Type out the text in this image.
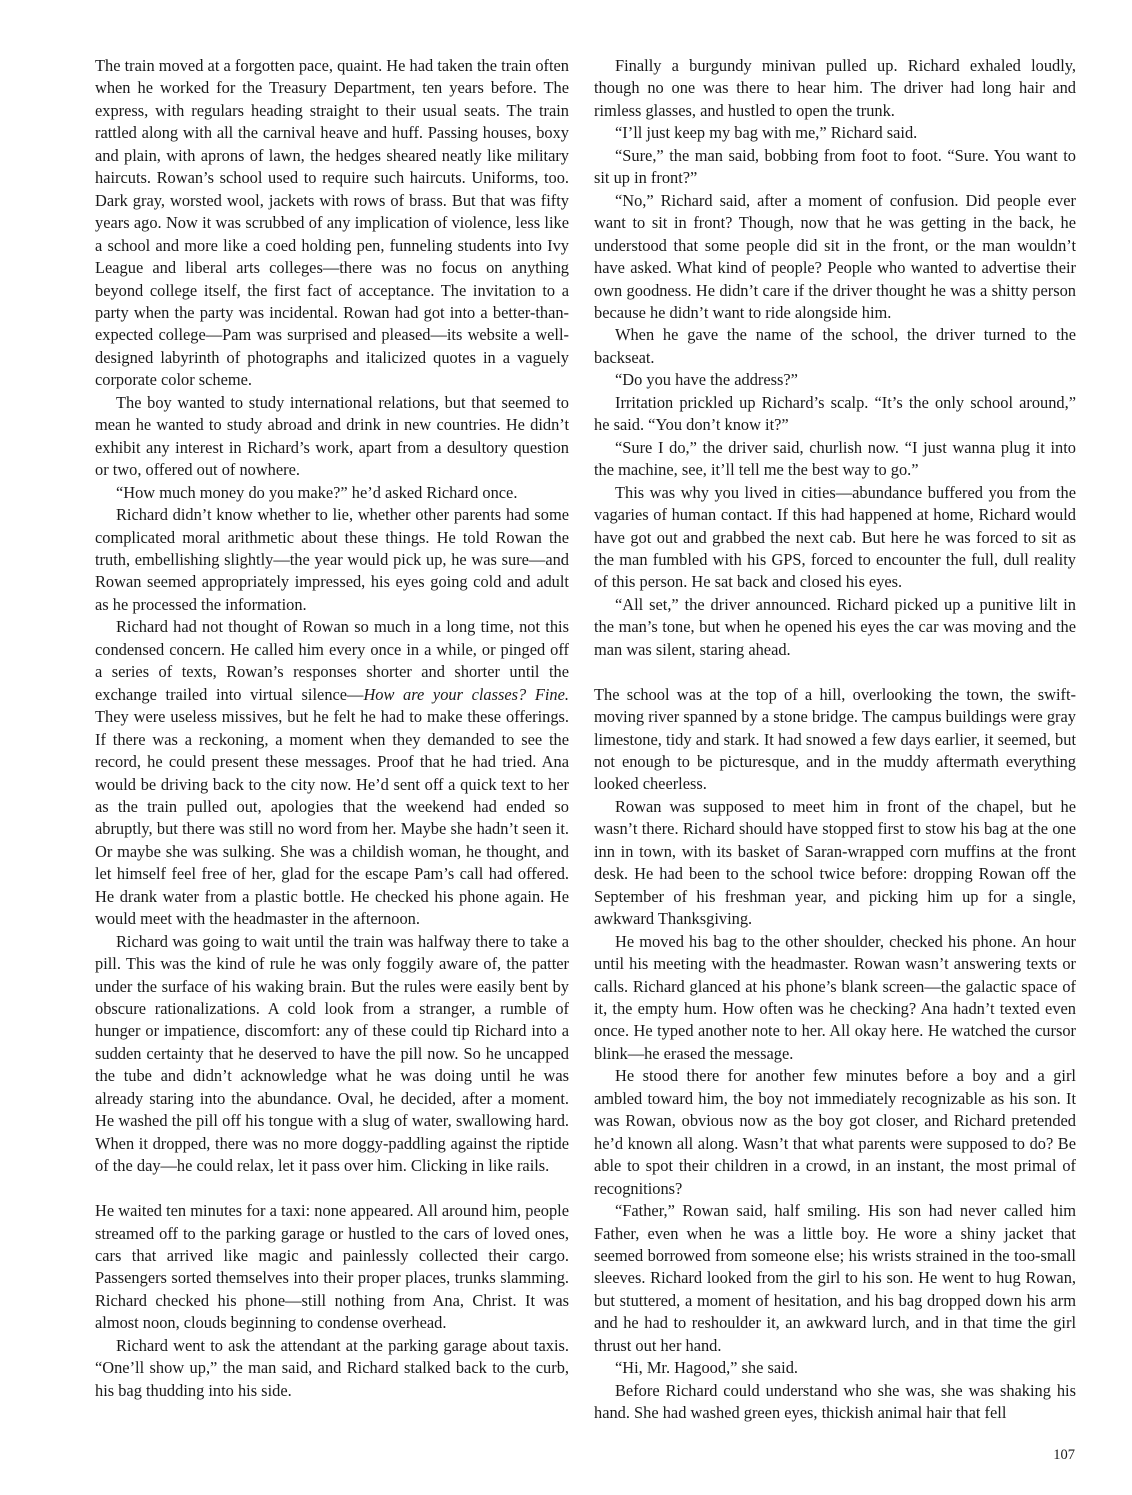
The train moved at a forgotten pace, quaint. He had taken the train often when he worked for the Treasury Department, ten years before. The express, with regulars heading straight to their usual seats. The train rattled along with all the carnival heave and huff. Passing houses, boxy and plain, with aprons of lawn, the hedges sheared neatly like military haircuts. Rowan’s school used to require such haircuts. Uniforms, too. Dark gray, worsted wool, jackets with rows of brass. But that was fifty years ago. Now it was scrubbed of any implication of violence, less like a school and more like a coed holding pen, funneling students into Ivy League and liberal arts colleges—there was no focus on anything beyond college itself, the first fact of acceptance. The invitation to a party when the party was incidental. Rowan had got into a better-than-expected college—Pam was surprised and pleased—its website a well-designed labyrinth of photographs and italicized quotes in a vaguely corporate color scheme.

The boy wanted to study international relations, but that seemed to mean he wanted to study abroad and drink in new countries. He didn’t exhibit any interest in Richard’s work, apart from a desultory question or two, offered out of nowhere.

“How much money do you make?” he’d asked Richard once.

Richard didn’t know whether to lie, whether other parents had some complicated moral arithmetic about these things. He told Rowan the truth, embellishing slightly—the year would pick up, he was sure—and Rowan seemed appropriately impressed, his eyes going cold and adult as he processed the information.

Richard had not thought of Rowan so much in a long time, not this condensed concern. He called him every once in a while, or pinged off a series of texts, Rowan’s responses shorter and shorter until the exchange trailed into virtual silence—How are your classes? Fine. They were useless missives, but he felt he had to make these offerings. If there was a reckoning, a moment when they demanded to see the record, he could present these messages. Proof that he had tried. Ana would be driving back to the city now. He’d sent off a quick text to her as the train pulled out, apologies that the weekend had ended so abruptly, but there was still no word from her. Maybe she hadn’t seen it. Or maybe she was sulking. She was a childish woman, he thought, and let himself feel free of her, glad for the escape Pam’s call had offered. He drank water from a plastic bottle. He checked his phone again. He would meet with the headmaster in the afternoon.

Richard was going to wait until the train was halfway there to take a pill. This was the kind of rule he was only foggily aware of, the patter under the surface of his waking brain. But the rules were easily bent by obscure rationalizations. A cold look from a stranger, a rumble of hunger or impatience, discomfort: any of these could tip Richard into a sudden certainty that he deserved to have the pill now. So he uncapped the tube and didn’t acknowledge what he was doing until he was already staring into the abundance. Oval, he decided, after a moment. He washed the pill off his tongue with a slug of water, swallowing hard. When it dropped, there was no more doggy-paddling against the riptide of the day—he could relax, let it pass over him. Clicking in like rails.

He waited ten minutes for a taxi: none appeared. All around him, people streamed off to the parking garage or hustled to the cars of loved ones, cars that arrived like magic and painlessly collected their cargo. Passengers sorted themselves into their proper places, trunks slamming. Richard checked his phone—still nothing from Ana, Christ. It was almost noon, clouds beginning to condense overhead.

Richard went to ask the attendant at the parking garage about taxis. “One’ll show up,” the man said, and Richard stalked back to the curb, his bag thudding into his side.

Finally a burgundy minivan pulled up. Richard exhaled loudly, though no one was there to hear him. The driver had long hair and rimless glasses, and hustled to open the trunk.

“I’ll just keep my bag with me,” Richard said.

“Sure,” the man said, bobbing from foot to foot. “Sure. You want to sit up in front?”

“No,” Richard said, after a moment of confusion. Did people ever want to sit in front? Though, now that he was getting in the back, he understood that some people did sit in the front, or the man wouldn’t have asked. What kind of people? People who wanted to advertise their own goodness. He didn’t care if the driver thought he was a shitty person because he didn’t want to ride alongside him.

When he gave the name of the school, the driver turned to the backseat.

“Do you have the address?”

Irritation prickled up Richard’s scalp. “It’s the only school around,” he said. “You don’t know it?”

“Sure I do,” the driver said, churlish now. “I just wanna plug it into the machine, see, it’ll tell me the best way to go.”

This was why you lived in cities—abundance buffered you from the vagaries of human contact. If this had happened at home, Richard would have got out and grabbed the next cab. But here he was forced to sit as the man fumbled with his GPS, forced to encounter the full, dull reality of this person. He sat back and closed his eyes.

“All set,” the driver announced. Richard picked up a punitive lilt in the man’s tone, but when he opened his eyes the car was moving and the man was silent, staring ahead.

The school was at the top of a hill, overlooking the town, the swift-moving river spanned by a stone bridge. The campus buildings were gray limestone, tidy and stark. It had snowed a few days earlier, it seemed, but not enough to be picturesque, and in the muddy aftermath everything looked cheerless.

Rowan was supposed to meet him in front of the chapel, but he wasn’t there. Richard should have stopped first to stow his bag at the one inn in town, with its basket of Saran-wrapped corn muffins at the front desk. He had been to the school twice before: dropping Rowan off the September of his freshman year, and picking him up for a single, awkward Thanksgiving.

He moved his bag to the other shoulder, checked his phone. An hour until his meeting with the headmaster. Rowan wasn’t answering texts or calls. Richard glanced at his phone’s blank screen—the galactic space of it, the empty hum. How often was he checking? Ana hadn’t texted even once. He typed another note to her. All okay here. He watched the cursor blink—he erased the message.

He stood there for another few minutes before a boy and a girl ambled toward him, the boy not immediately recognizable as his son. It was Rowan, obvious now as the boy got closer, and Richard pretended he’d known all along. Wasn’t that what parents were supposed to do? Be able to spot their children in a crowd, in an instant, the most primal of recognitions?

“Father,” Rowan said, half smiling. His son had never called him Father, even when he was a little boy. He wore a shiny jacket that seemed borrowed from someone else; his wrists strained in the too-small sleeves. Richard looked from the girl to his son. He went to hug Rowan, but stuttered, a moment of hesitation, and his bag dropped down his arm and he had to reshoulder it, an awkward lurch, and in that time the girl thrust out her hand.

“Hi, Mr. Hagood,” she said.

Before Richard could understand who she was, she was shaking his hand. She had washed green eyes, thickish animal hair that fell

107
